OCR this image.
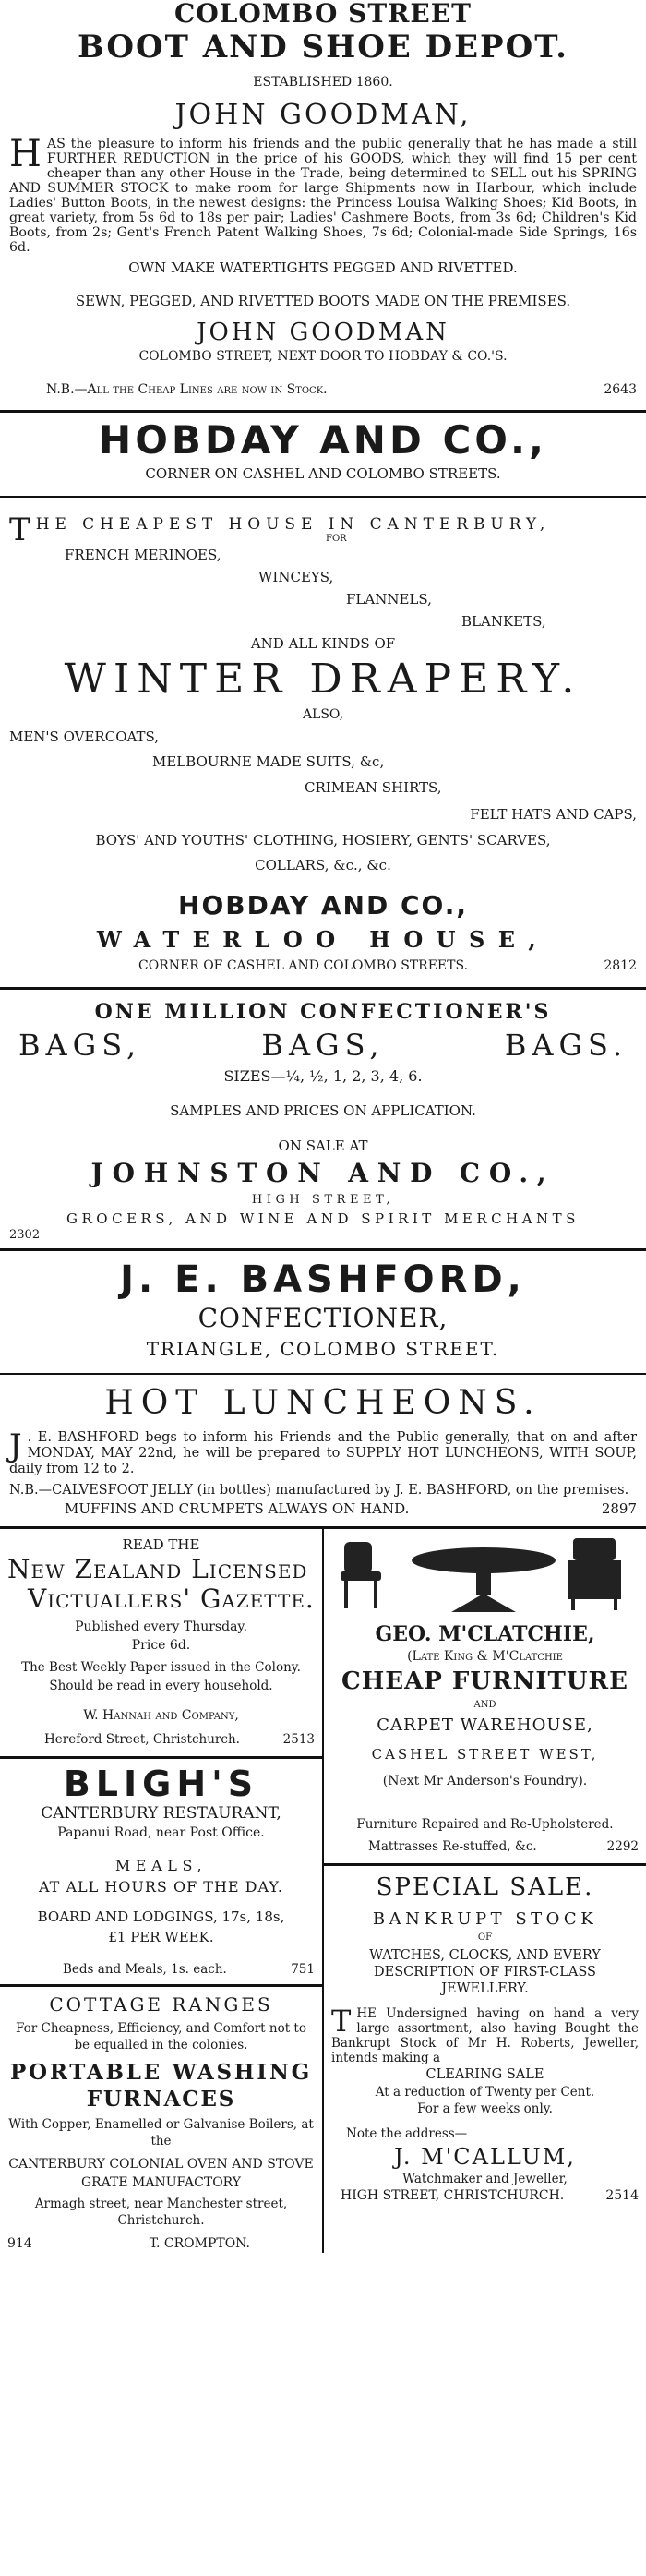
COLOMBO STREET
BOOT AND SHOE DEPOT.
ESTABLISHED 1860.
JOHN GOODMAN,
HAS the pleasure to inform his friends and the public generally that he has made a still FURTHER REDUCTION in the price of his GOODS, which they will find 15 per cent cheaper than any other House in the Trade, being determined to SELL out his SPRING AND SUMMER STOCK to make room for large Shipments now in Harbour, which include Ladies' Button Boots, in the newest designs: the Princess Louisa Walking Shoes; Kid Boots, in great variety, from 5s 6d to 18s per pair; Ladies' Cashmere Boots, from 3s 6d; Children's Kid Boots, from 2s; Gent's French Patent Walking Shoes, 7s 6d; Colonial-made Side Springs, 16s 6d.
OWN MAKE WATERTIGHTS PEGGED AND RIVETTED.
SEWN, PEGGED, AND RIVETTED BOOTS MADE ON THE PREMISES.
JOHN GOODMAN
COLOMBO STREET, NEXT DOOR TO HOBDAY & CO.'S.
N.B.—All the Cheap Lines are now in Stock.	2643
HOBDAY AND CO.,
CORNER ON CASHEL AND COLOMBO STREETS.
THE CHEAPEST HOUSE IN CANTERBURY,
FOR
FRENCH MERINOES,
WINCEYS,
FLANNELS,
BLANKETS,
AND ALL KINDS OF
WINTER DRAPERY.
ALSO,
MEN'S OVERCOATS,
MELBOURNE MADE SUITS, &c,
CRIMEAN SHIRTS,
FELT HATS AND CAPS,
BOYS' AND YOUTHS' CLOTHING, HOSIERY, GENTS' SCARVES,
COLLARS, &c., &c.
HOBDAY AND CO.,
WATERLOO HOUSE,
CORNER OF CASHEL AND COLOMBO STREETS.	2812
ONE MILLION CONFECTIONER'S
BAGS,	BAGS,	BAGS.
SIZES—¼, ½, 1, 2, 3, 4, 6.
SAMPLES AND PRICES ON APPLICATION.
ON SALE AT
JOHNSTON AND CO.,
HIGH STREET,
GROCERS, AND WINE AND SPIRIT MERCHANTS
2302
J. E. BASHFORD,
CONFECTIONER,
TRIANGLE, COLOMBO STREET.
HOT LUNCHEONS.
J . E. BASHFORD begs to inform his Friends and the Public generally, that on and after MONDAY, MAY 22nd, he will be prepared to SUPPLY HOT LUNCHEONS, WITH SOUP, daily from 12 to 2.
N.B.—CALVESFOOT JELLY (in bottles) manufactured by J. E. BASHFORD, on the premises.
MUFFINS AND CRUMPETS ALWAYS ON HAND.	2897
READ THE
New Zealand Licensed
Victuallers' Gazette.
Published every Thursday.
Price 6d.
The Best Weekly Paper issued in the Colony.
Should be read in every household.
W. Hannah and Company,
Hereford Street, Christchurch.	2513
BLIGH'S
CANTERBURY RESTAURANT,
Papanui Road, near Post Office.
MEALS,
AT ALL HOURS OF THE DAY.
BOARD AND LODGINGS, 17s, 18s,
£1 PER WEEK.
Beds and Meals, 1s. each.	751
COTTAGE RANGES
For Cheapness, Efficiency, and Comfort not to be equalled in the colonies.
PORTABLE WASHING
FURNACES
With Copper, Enamelled or Galvanise Boilers, at the
CANTERBURY COLONIAL OVEN AND STOVE GRATE MANUFACTORY
Armagh street, near Manchester street, Christchurch.
914	T. CROMPTON.
GEO. M'CLATCHIE,
(Late King & M'Clatchie
CHEAP FURNITURE
AND
CARPET WAREHOUSE,
CASHEL STREET WEST,
(Next Mr Anderson's Foundry).
Furniture Repaired and Re-Upholstered.
Mattrasses Re-stuffed, &c.	2292
SPECIAL SALE.
BANKRUPT STOCK
OF
WATCHES, CLOCKS, AND EVERY DESCRIPTION OF FIRST-CLASS JEWELLERY.
THE Undersigned having on hand a very large assortment, also having Bought the Bankrupt Stock of Mr H. Roberts, Jeweller, intends making a
CLEARING SALE
At a reduction of Twenty per Cent.
For a few weeks only.
Note the address—
J. M'CALLUM,
Watchmaker and Jeweller,
HIGH STREET, CHRISTCHURCH.	2514
